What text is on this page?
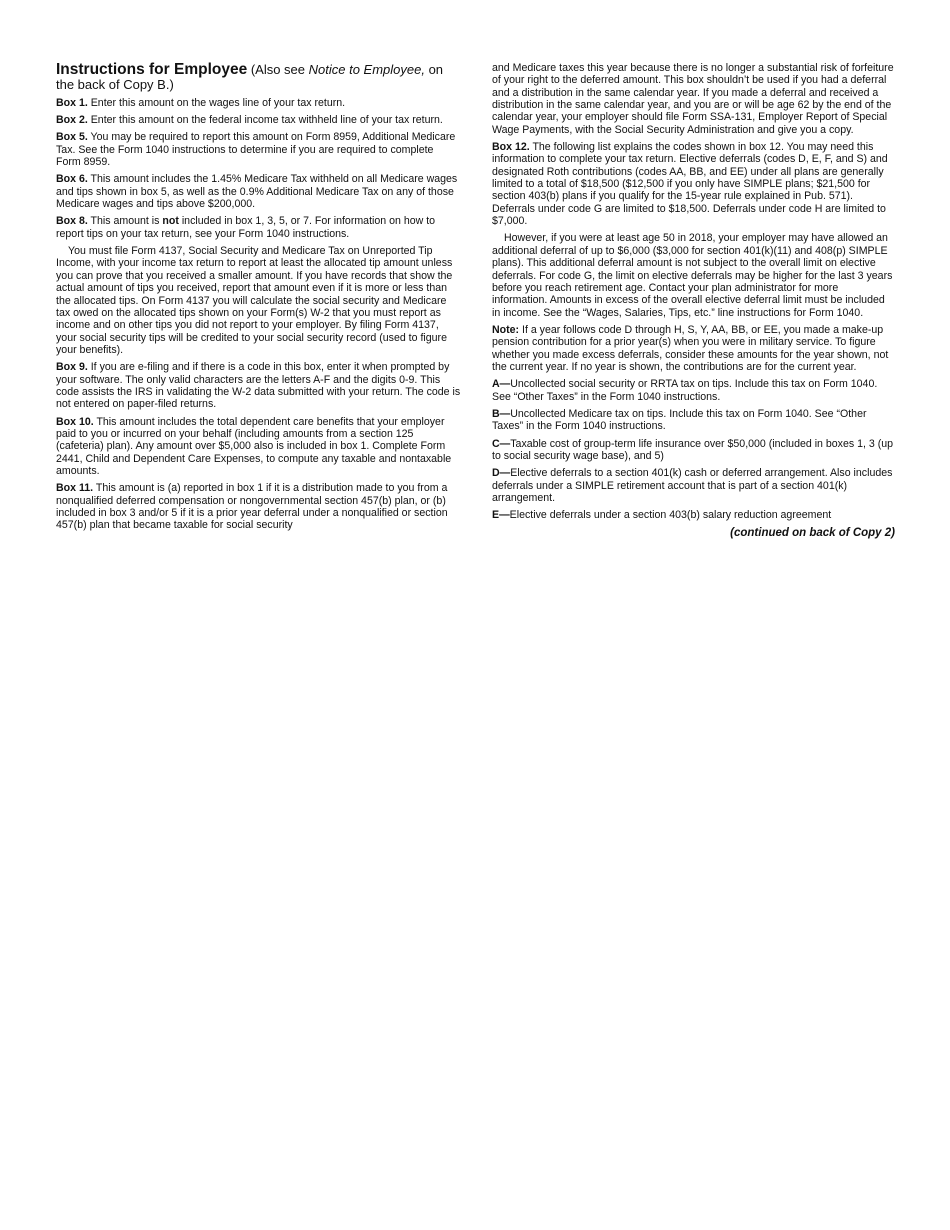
Instructions for Employee (Also see Notice to Employee, on the back of Copy B.)

Box 1. Enter this amount on the wages line of your tax return.

Box 2. Enter this amount on the federal income tax withheld line of your tax return.

Box 5. You may be required to report this amount on Form 8959, Additional Medicare Tax. See the Form 1040 instructions to determine if you are required to complete Form 8959.

Box 6. This amount includes the 1.45% Medicare Tax withheld on all Medicare wages and tips shown in box 5, as well as the 0.9% Additional Medicare Tax on any of those Medicare wages and tips above $200,000.

Box 8. This amount is not included in box 1, 3, 5, or 7. For information on how to report tips on your tax return, see your Form 1040 instructions.

You must file Form 4137, Social Security and Medicare Tax on Unreported Tip Income, with your income tax return to report at least the allocated tip amount unless you can prove that you received a smaller amount. If you have records that show the actual amount of tips you received, report that amount even if it is more or less than the allocated tips. On Form 4137 you will calculate the social security and Medicare tax owed on the allocated tips shown on your Form(s) W-2 that you must report as income and on other tips you did not report to your employer. By filing Form 4137, your social security tips will be credited to your social security record (used to figure your benefits).

Box 9. If you are e-filing and if there is a code in this box, enter it when prompted by your software. The only valid characters are the letters A-F and the digits 0-9. This code assists the IRS in validating the W-2 data submitted with your return. The code is not entered on paper-filed returns.

Box 10. This amount includes the total dependent care benefits that your employer paid to you or incurred on your behalf (including amounts from a section 125 (cafeteria) plan). Any amount over $5,000 also is included in box 1. Complete Form 2441, Child and Dependent Care Expenses, to compute any taxable and nontaxable amounts.

Box 11. This amount is (a) reported in box 1 if it is a distribution made to you from a nonqualified deferred compensation or nongovernmental section 457(b) plan, or (b) included in box 3 and/or 5 if it is a prior year deferral under a nonqualified or section 457(b) plan that became taxable for social security

and Medicare taxes this year because there is no longer a substantial risk of forfeiture of your right to the deferred amount. This box shouldn’t be used if you had a deferral and a distribution in the same calendar year. If you made a deferral and received a distribution in the same calendar year, and you are or will be age 62 by the end of the calendar year, your employer should file Form SSA-131, Employer Report of Special Wage Payments, with the Social Security Administration and give you a copy.

Box 12. The following list explains the codes shown in box 12. You may need this information to complete your tax return. Elective deferrals (codes D, E, F, and S) and designated Roth contributions (codes AA, BB, and EE) under all plans are generally limited to a total of $18,500 ($12,500 if you only have SIMPLE plans; $21,500 for section 403(b) plans if you qualify for the 15-year rule explained in Pub. 571). Deferrals under code G are limited to $18,500. Deferrals under code H are limited to $7,000.

However, if you were at least age 50 in 2018, your employer may have allowed an additional deferral of up to $6,000 ($3,000 for section 401(k)(11) and 408(p) SIMPLE plans). This additional deferral amount is not subject to the overall limit on elective deferrals. For code G, the limit on elective deferrals may be higher for the last 3 years before you reach retirement age. Contact your plan administrator for more information. Amounts in excess of the overall elective deferral limit must be included in income. See the “Wages, Salaries, Tips, etc.” line instructions for Form 1040.

Note: If a year follows code D through H, S, Y, AA, BB, or EE, you made a make-up pension contribution for a prior year(s) when you were in military service. To figure whether you made excess deferrals, consider these amounts for the year shown, not the current year. If no year is shown, the contributions are for the current year.

A—Uncollected social security or RRTA tax on tips. Include this tax on Form 1040. See “Other Taxes” in the Form 1040 instructions.

B—Uncollected Medicare tax on tips. Include this tax on Form 1040. See “Other Taxes” in the Form 1040 instructions.

C—Taxable cost of group-term life insurance over $50,000 (included in boxes 1, 3 (up to social security wage base), and 5)

D—Elective deferrals to a section 401(k) cash or deferred arrangement. Also includes deferrals under a SIMPLE retirement account that is part of a section 401(k) arrangement.

E—Elective deferrals under a section 403(b) salary reduction agreement

(continued on back of Copy 2)
